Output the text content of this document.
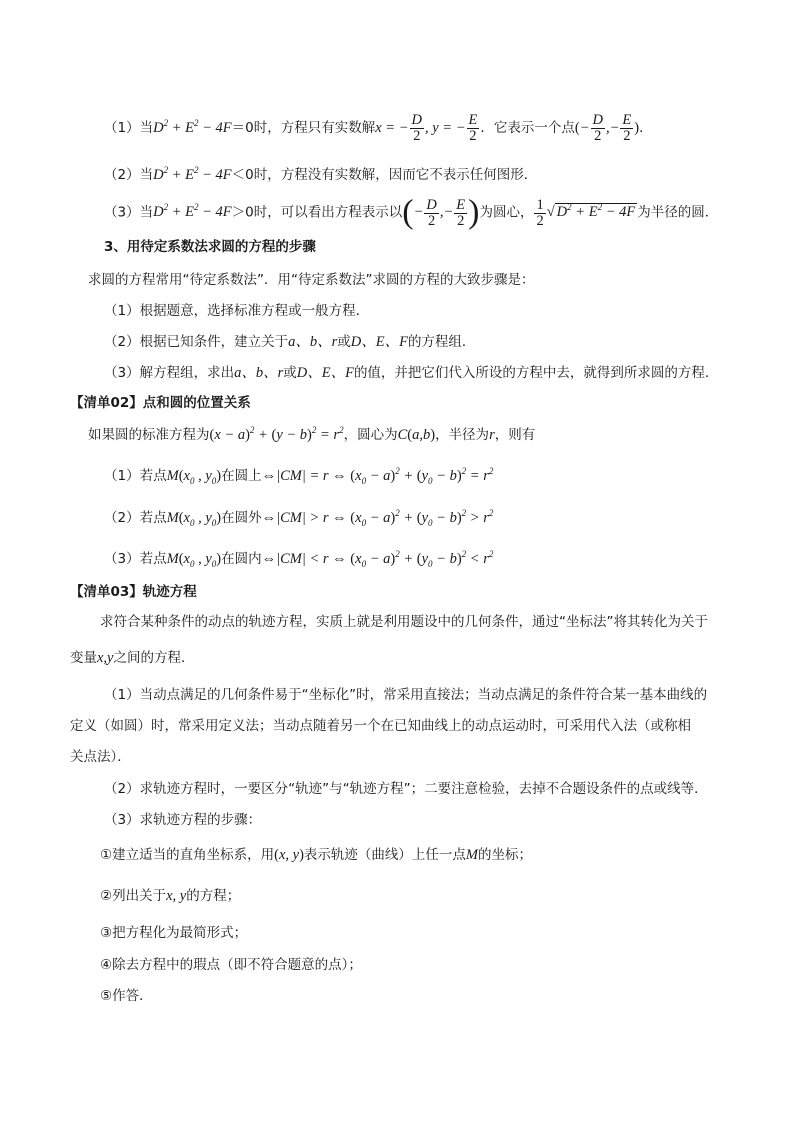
（1）当$D^2 + E^2 - 4F=0$时，方程只有实数解x = − $\frac{D}{2}$ , y = − $\frac{E}{2}$ ．它表示一个点(− $\frac{D}{2}$ ,− $\frac{E}{2}$ )．
（2）当$D^2 + E^2 - 4F<0$时，方程没有实数解，因而它不表示任何图形．
（3）当$D^2 + E^2 - 4F>0$时，可以看出方程表示以(− $\frac{D}{2}$ ,− $\frac{E}{2}$ )为圆心， $\frac{1}{2}$ √ $D^2 + E^2 - 4F$ 为半径的圆．
3、用待定系数法求圆的方程的步骤
求圆的方程常用“待定系数法”．用“待定系数法”求圆的方程的大致步骤是：
（1）根据题意，选择标准方程或一般方程．
（2）根据已知条件，建立关于a、b、r或D、E、F的方程组．
（3）解方程组，求出a、b、r或D、E、F的值，并把它们代入所设的方程中去，就得到所求圆的方程．
【清单02】点和圆的位置关系
如果圆的标准方程为$(x - a)^2 + (y - b)^2 = r^2$，圆心为C(a,b)，半径为r，则有
（1）若点$M(x_0$ , $y_0$)在圆上⇔|CM| = r ⇔ $(x_0 - a)^2 + (y_0 - b)^2 = r^2$
（2）若点$M(x_0$ , $y_0$)在圆外⇔|CM| > r ⇔ $(x_0 - a)^2 + (y_0 - b)^2 > r^2$
（3）若点$M(x_0$ , $y_0$)在圆内⇔|CM| < r ⇔ $(x_0 - a)^2 + (y_0 - b)^2 < r^2$
【清单03】轨迹方程
求符合某种条件的动点的轨迹方程，实质上就是利用题设中的几何条件，通过“坐标法”将其转化为关于
变量x,y之间的方程．
（1）当动点满足的几何条件易于“坐标化”时，常采用直接法；当动点满足的条件符合某一基本曲线的
定义（如圆）时，常采用定义法；当动点随着另一个在已知曲线上的动点运动时，可采用代入法（或称相
关点法）．
（2）求轨迹方程时，一要区分“轨迹”与“轨迹方程”；二要注意检验，去掉不合题设条件的点或线等．
（3）求轨迹方程的步骤：
①建立适当的直角坐标系，用(x, y)表示轨迹（曲线）上任一点M的坐标；
②列出关于x, y的方程；
③把方程化为最简形式；
④除去方程中的瑕点（即不符合题意的点）；
⑤作答．
